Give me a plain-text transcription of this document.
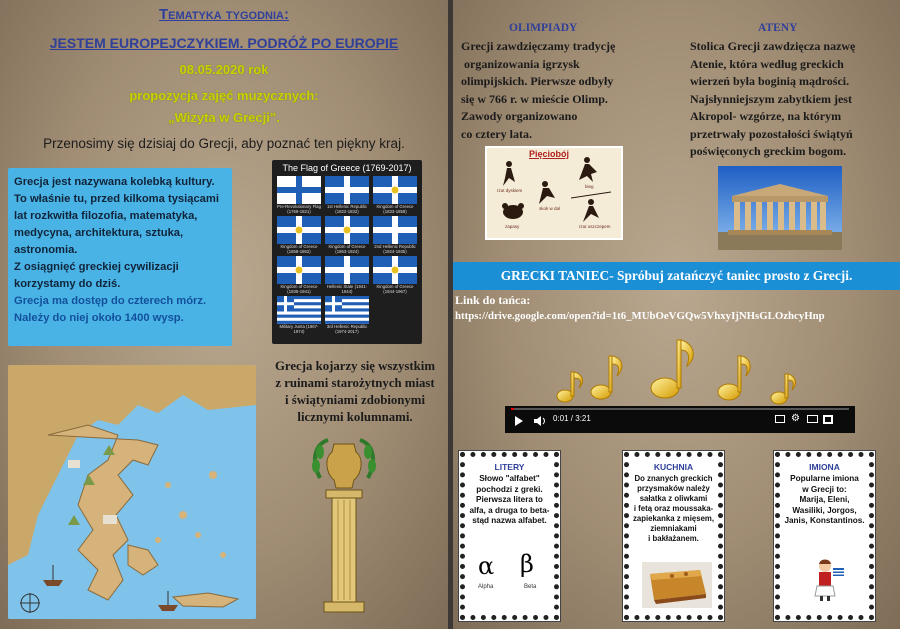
Tematyka tygodnia:
JESTEM EUROPEJCZYKIEM. PODRÓŻ PO EUROPIE
08.05.2020 rok
propozycja zajęć muzycznych:
„Wizyta w Grecji”.
Przenosimy się dzisiaj do Grecji, aby poznać ten piękny kraj.

Grecja jest nazywana kolebką kultury.

To właśnie tu, przed kilkoma tysiącami

lat rozkwitła filozofia, matematyka,

medycyna, architektura, sztuka,

astronomia.

Z osiągnięć greckiej cywilizacji

korzystamy do dziś.

Grecja ma dostęp do czterech mórz.

Należy do niej około 1400 wysp.

The Flag of Greece (1769-2017)
Pre-Revolutionary Flag (1769-1821)
1st Hellenic Republic (1822-1832)
Kingdom of Greece (1833-1858)
Kingdom of Greece (1858-1862)
Kingdom of Greece (1863-1924)
2nd Hellenic Republic (1924-1935)
Kingdom of Greece (1935-1941)
Hellenic State (1941-1944)
Kingdom of Greece (1944-1967)
Military Junta (1967-1974)
3rd Hellenic Republic (1974-2017)
Grecja kojarzy się wszystkim
z ruinami starożytnych miast
i świątyniami zdobionymi
licznymi kolumnami.
OLIMPIADY
Grecji zawdzięczamy tradycję
organizowania igrzysk
olimpijskich. Pierwsze odbyły
się w 766 r. w mieście Olimp.
Zawody organizowano
co cztery lata.
ATENY
Stolica Grecji zawdzięcza nazwę
Atenie, która według greckich
wierzeń była boginią mądrości.
Najsłynniejszym zabytkiem jest
Akropol- wzgórze, na którym
przetrwały pozostałości świątyń
poświęconych greckim bogom.
Pięciobój
rzut dyskiem
bieg
skok w dal
zapasy	rzut oszczepem
GRECKI TANIEC- Spróbuj zatańczyć taniec prosto z Grecji.
Link do tańca:
https://drive.google.com/open?id=1t6_MUbOeVGQw5VhxyIjNHsGLOzhcyHnp
0:01 / 3:21	⚙
LITERY
Słowo "alfabet"
pochodzi z greki.
Pierwsza litera to
alfa, a druga to beta-
stąd nazwa alfabet.
α β
Alpha	Beta
KUCHNIA
Do znanych greckich
przysmaków należy
sałatka z oliwkami
i fetą oraz moussaka-
zapiekanka z mięsem,
ziemniakami
i bakłażanem.
IMIONA
Popularne imiona
w Grecji to:
Marija, Eleni,
Wasiliki, Jorgos,
Janis, Konstantinos.
